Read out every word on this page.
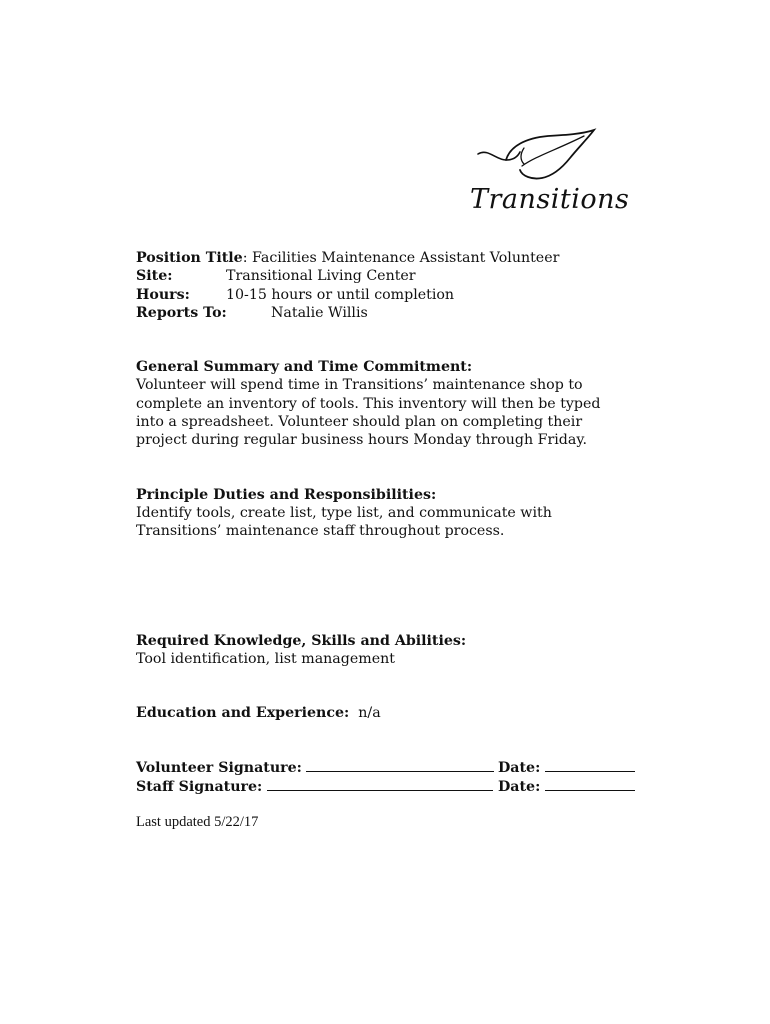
Transitions
Position Title: Facilities Maintenance Assistant Volunteer
Site:	Transitional Living Center
Hours:	10-15 hours or until completion
Reports To:	Natalie Willis
General Summary and Time Commitment:
Volunteer will spend time in Transitions’ maintenance shop to
complete an inventory of tools. This inventory will then be typed
into a spreadsheet. Volunteer should plan on completing their
project during regular business hours Monday through Friday.
Principle Duties and Responsibilities:
Identify tools, create list, type list, and communicate with
Transitions’ maintenance staff throughout process.
Required Knowledge, Skills and Abilities:
Tool identification, list management
Education and Experience: n/a
Volunteer Signature:	Date:
Staff Signature:	Date:
Last updated 5/22/17
